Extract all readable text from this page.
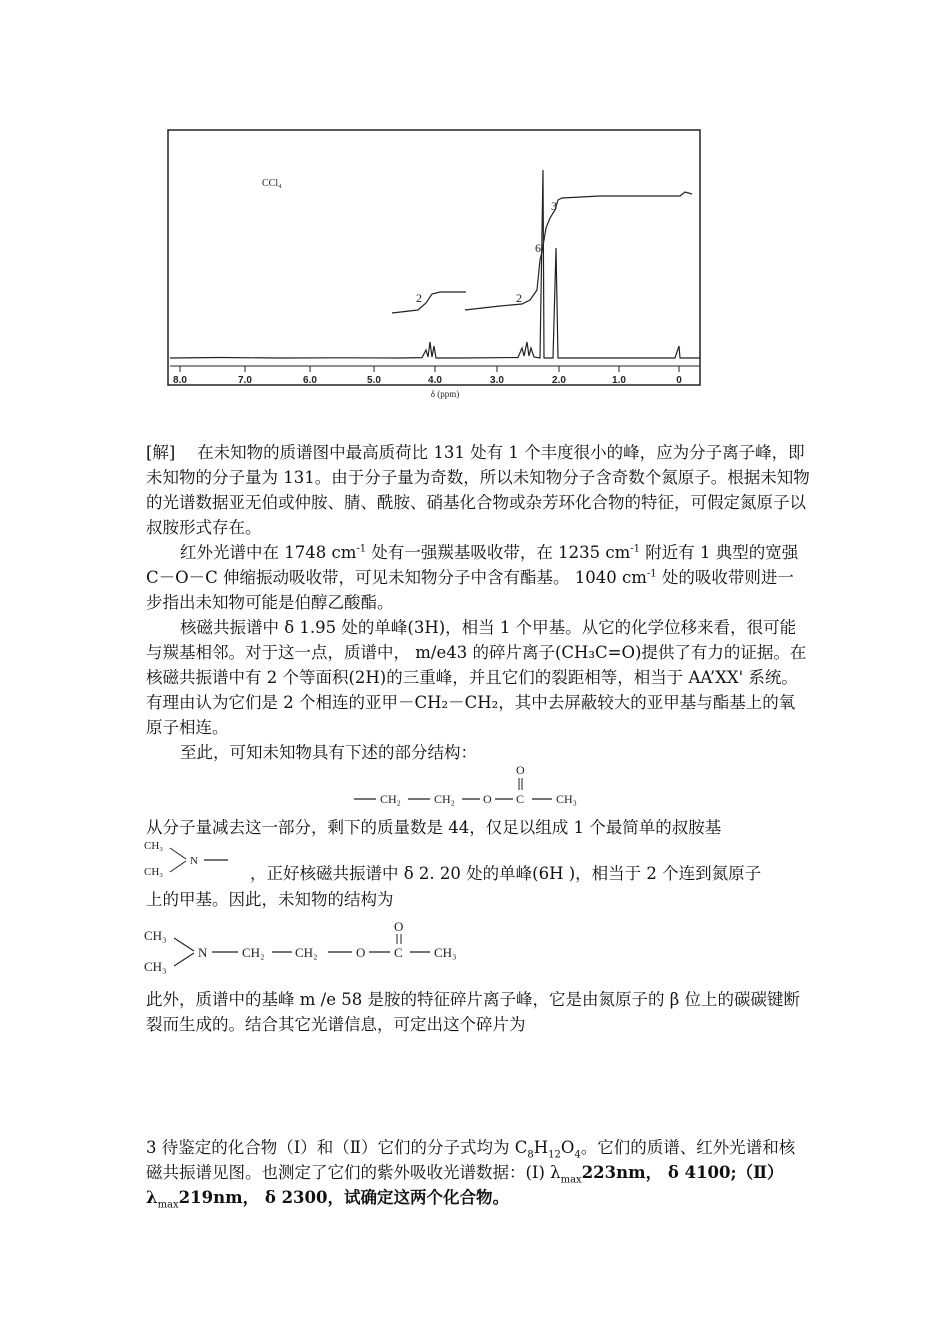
CCl₄
2	2
6
3
8.0	7.0	6.0	5.0	4.0	3.0	2.0	1.0	0
δ (ppm)
[解]　 在未知物的质谱图中最高质荷比 131 处有 1 个丰度很小的峰，应为分子离子峰，即未知物的分子量为 131。由于分子量为奇数，所以未知物分子含奇数个氮原子。根据未知物的光谱数据亚无伯或仲胺、腈、酰胺、硝基化合物或杂芳环化合物的特征，可假定氮原子以叔胺形式存在。
红外光谱中在 1748 $cm^{-1}$ 处有一强羰基吸收带，在 1235 $cm^{-1}$ 附近有 1 典型的宽强 C－O－C 伸缩振动吸收带，可见未知物分子中含有酯基。 1040 $cm^{-1}$ 处的吸收带则进一步指出未知物可能是伯醇乙酸酯。
核磁共振谱中 δ 1.95 处的单峰(3H)，相当 1 个甲基。从它的化学位移来看，很可能与羰基相邻。对于这一点，质谱中， m/e43 的碎片离子(CH₃C=O)提供了有力的证据。在核磁共振谱中有 2 个等面积(2H)的三重峰，并且它们的裂距相等，相当于 AA’XX' 系统。有理由认为它们是 2 个相连的亚甲－CH₂－CH₂，其中去屏蔽较大的亚甲基与酯基上的氧原子相连。
至此，可知未知物具有下述的部分结构：
CH₂	CH₂ O C
O
CH₃
从分子量减去这一部分，剩下的质量数是 44，仅足以组成 1 个最简单的叔胺基
CH₃
CH₃
N
，正好核磁共振谱中 δ 2. 20 处的单峰(6H )，相当于 2 个连到氮原子
上的甲基。因此，未知物的结构为
CH₃
CH₃
N	CH₂ CH₂	O C
O
CH₃
此外，质谱中的基峰 m /e 58 是胺的特征碎片离子峰，它是由氮原子的 β 位上的碳碳键断裂而生成的。结合其它光谱信息，可定出这个碎片为
3 待鉴定的化合物（Ⅰ）和（Ⅱ）它们的分子式均为 $C_8H_{12}O_4$。它们的质谱、红外光谱和核磁共振谱见图。也测定了它们的紫外吸收光谱数据：(Ⅰ) $\lambda_{max}223nm$， δ $4100;(Ⅱ)\lambda_{max}219nm$， δ 2300，试确定这两个化合物。
